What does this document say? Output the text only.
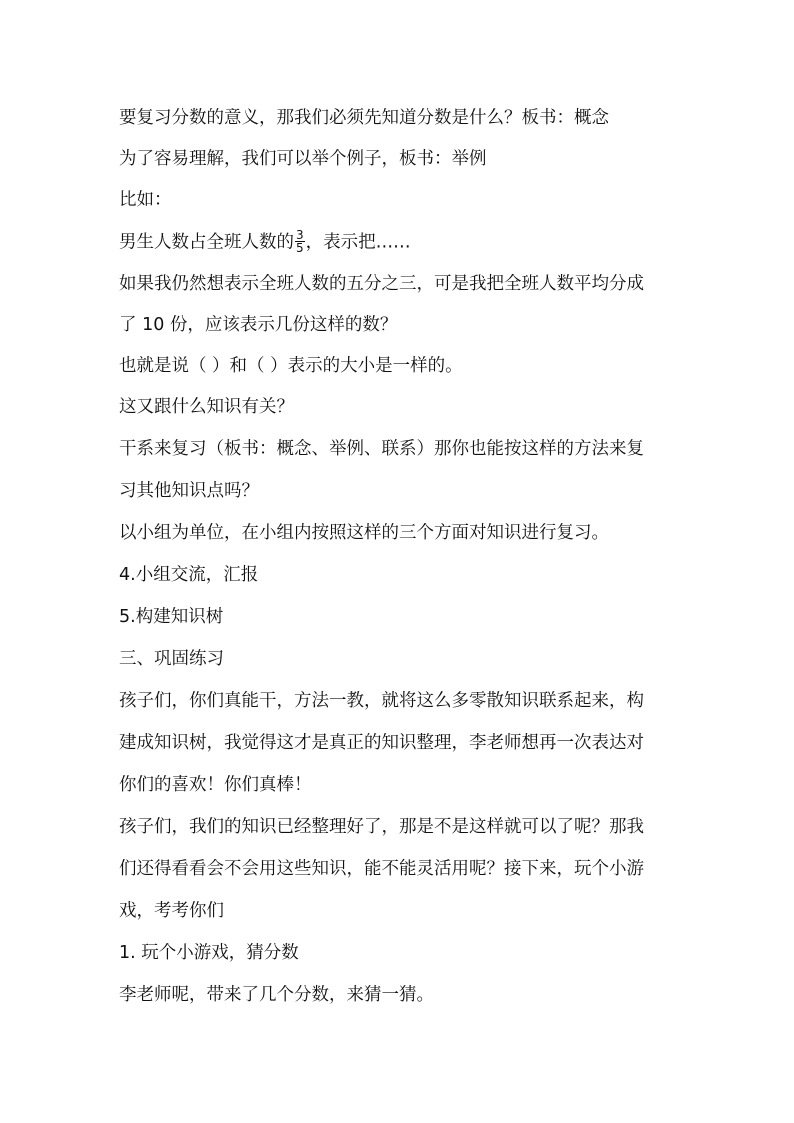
要复习分数的意义，那我们必须先知道分数是什么？板书：概念
为了容易理解，我们可以举个例子，板书：举例
比如：
男生人数占全班人数的 $\frac{3}{5}$ ，表示把……
如果我仍然想表示全班人数的五分之三，可是我把全班人数平均分成
了 10 份，应该表示几份这样的数？
也就是说（ ）和（ ）表示的大小是一样的。
这又跟什么知识有关？
干系来复习（板书：概念、举例、联系）那你也能按这样的方法来复
习其他知识点吗？
以小组为单位，在小组内按照这样的三个方面对知识进行复习。
4.小组交流，汇报
5.构建知识树
三、巩固练习
孩子们，你们真能干，方法一教，就将这么多零散知识联系起来，构
建成知识树，我觉得这才是真正的知识整理，李老师想再一次表达对
你们的喜欢！你们真棒！
孩子们，我们的知识已经整理好了，那是不是这样就可以了呢？那我
们还得看看会不会用这些知识，能不能灵活用呢？接下来，玩个小游
戏，考考你们
1. 玩个小游戏，猜分数
李老师呢，带来了几个分数，来猜一猜。
